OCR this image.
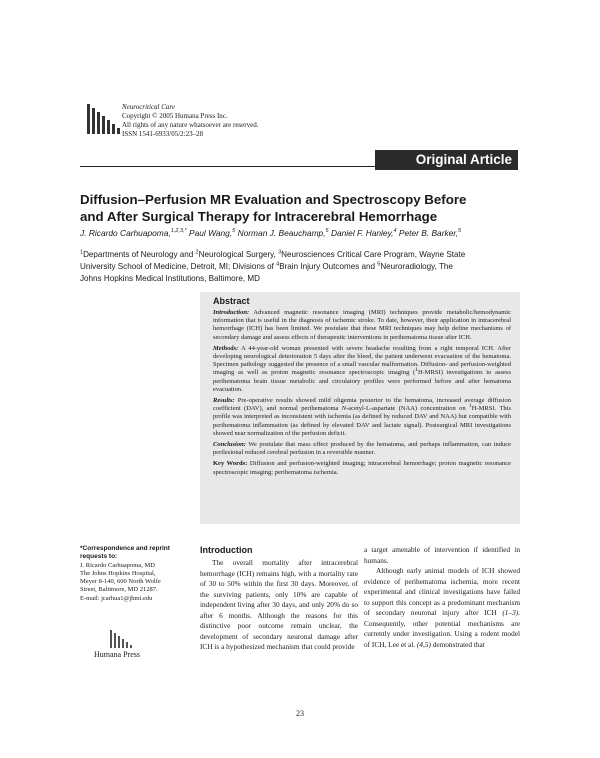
Neurocritical Care
Copyright © 2005 Humana Press Inc.
All rights of any nature whatsoever are reserved.
ISSN 1541-6933/05/2:23–28
Original Article
Diffusion–Perfusion MR Evaluation and Spectroscopy Before
and After Surgical Therapy for Intracerebral Hemorrhage
J. Ricardo Carhuapoma,$^{1,2,3,*}$ Paul Wang,$^5$ Norman J. Beauchamp,$^5$ Daniel F. Hanley,$^4$ Peter B. Barker,$^5$
$^1$Departments of Neurology and $^2$Neurological Surgery, $^3$Neurosciences Critical Care Program, Wayne State
University School of Medicine, Detroit, MI; Divisions of $^4$Brain Injury Outcomes and $^5$Neuroradiology, The
Johns Hopkins Medical Institutions, Baltimore, MD
Abstract

Introduction: Advanced magnetic resonance imaging (MRI) techniques provide metabolic/hemodynamic information that is useful in the diagnosis of ischemic stroke. To date, however, their application in intracerebral hemorrhage (ICH) has been limited. We postulate that these MRI techniques may help define mechanisms of secondary damage and assess effects of therapeutic interventions in perihematoma tissue after ICH.

Methods: A 44-year-old woman presented with severe headache resulting from a right temporal ICH. After developing neurological deterioration 5 days after the bleed, the patient underwent evacuation of the hematoma. Specimen pathology suggested the presence of a small vascular malformation. Diffusion- and perfusion-weighted imaging as well as proton magnetic resonance spectroscopic imaging ($^1$H-MRSI) investigations to assess perihematoma brain tissue metabolic and circulatory profiles were performed before and after hematoma evacuation.

Results: Pre-operative results showed mild oligemia posterior to the hematoma, increased average diffusion coefficient (DAV), and normal perihematoma N-acetyl-L-aspartate (NAA) concentration on $^1$H-MRSI. This profile was interpreted as inconsistent with ischemia (as defined by reduced DAV and NAA) but compatible with perihematoma inflammation (as defined by elevated DAV and lactate signal). Postsurgical MRI investigations showed near normalization of the perfusion deficit.

Conclusion: We postulate that mass effect produced by the hematoma, and perhaps inflammation, can induce perilesional reduced cerebral perfusion in a reversible manner.

Key Words: Diffusion and perfusion-weighted imaging; intracerebral hemorrhage; proton magnetic resonance spectroscopic imaging; perihematoma ischemia.

*Correspondence and reprint requests to:
J. Ricardo Carhuapoma, MD
The Johns Hopkins Hospital,
Meyer 8-140, 600 North Wolfe
Street, Baltimore, MD 21287.
E-mail: jcarhua1@jhmi.edu
Humana Press
Introduction

The overall mortality after intracerebral hemorrhage (ICH) remains high, with a mortality rate of 30 to 50% within the first 30 days. Moreover, of the surviving patients, only 10% are capable of independent living after 30 days, and only 20% do so after 6 months. Although the reasons for this distinctive poor outcome remain unclear, the development of secondary neuronal damage after ICH is a hypothesized mechanism that could provide

a target amenable of intervention if identified in humans.

Although early animal models of ICH showed evidence of perihematoma ischemia, more recent experimental and clinical investigations have failed to support this concept as a predominant mechanism of secondary neuronal injury after ICH (1–3). Consequently, other potential mechanisms are currently under investigation. Using a rodent model of ICH, Lee et al. (4,5) demonstrated that

23
